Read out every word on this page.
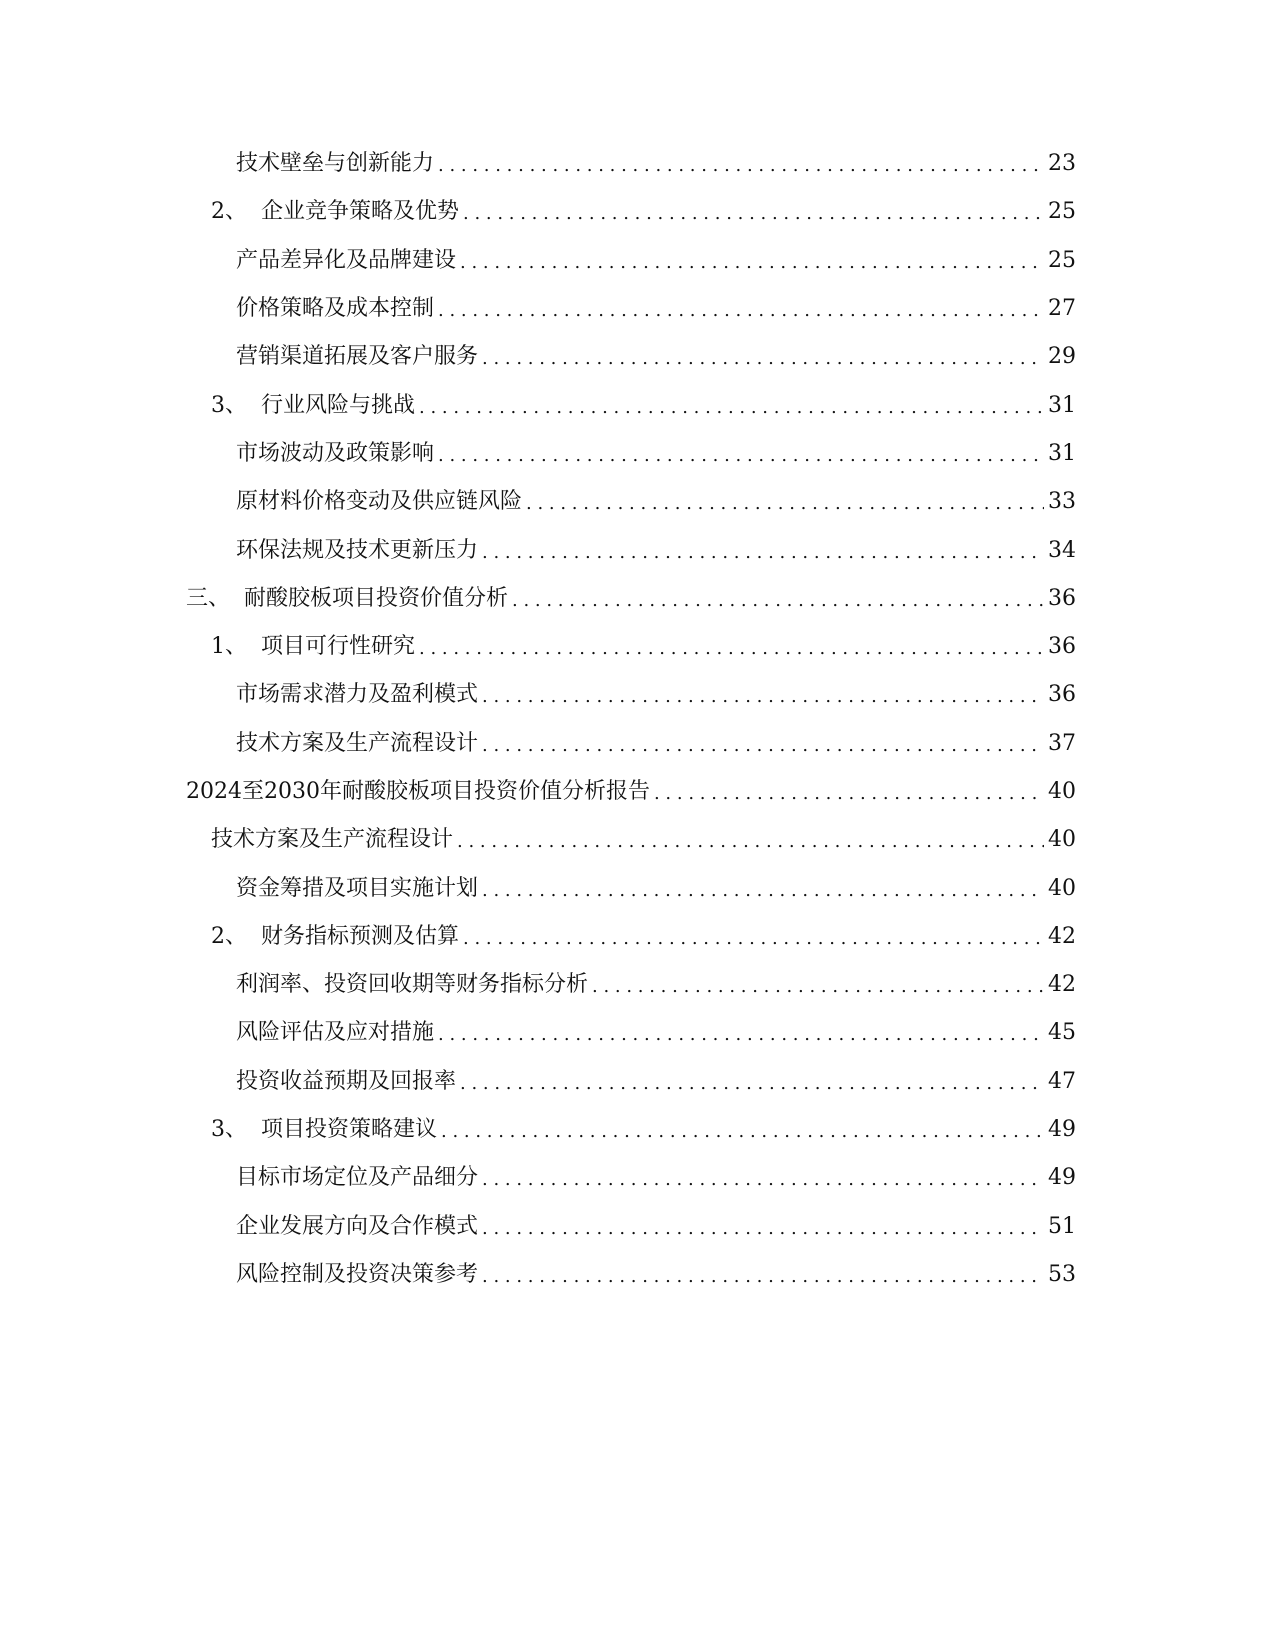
技术壁垒与创新能力 . . .	23
2、 企业竞争策略及优势 . . .	25
产品差异化及品牌建设 . . .	25
价格策略及成本控制 . . .	27
营销渠道拓展及客户服务 . . .	29
3、 行业风险与挑战 . . .	31
市场波动及政策影响 . . .	31
原材料价格变动及供应链风险 . . .	33
环保法规及技术更新压力 . . .	34
三、 耐酸胶板项目投资价值分析 . . .	36
1、 项目可行性研究 . . .	36
市场需求潜力及盈利模式 . . .	36
技术方案及生产流程设计 . . .	37
2024至2030年耐酸胶板项目投资价值分析报告 . . .	40
技术方案及生产流程设计 . . .	40
资金筹措及项目实施计划 . . .	40
2、 财务指标预测及估算 . . .	42
利润率、投资回收期等财务指标分析 . . .	42
风险评估及应对措施 . . .	45
投资收益预期及回报率 . . .	47
3、 项目投资策略建议 . . .	49
目标市场定位及产品细分 . . .	49
企业发展方向及合作模式 . . .	51
风险控制及投资决策参考 . . .	53
